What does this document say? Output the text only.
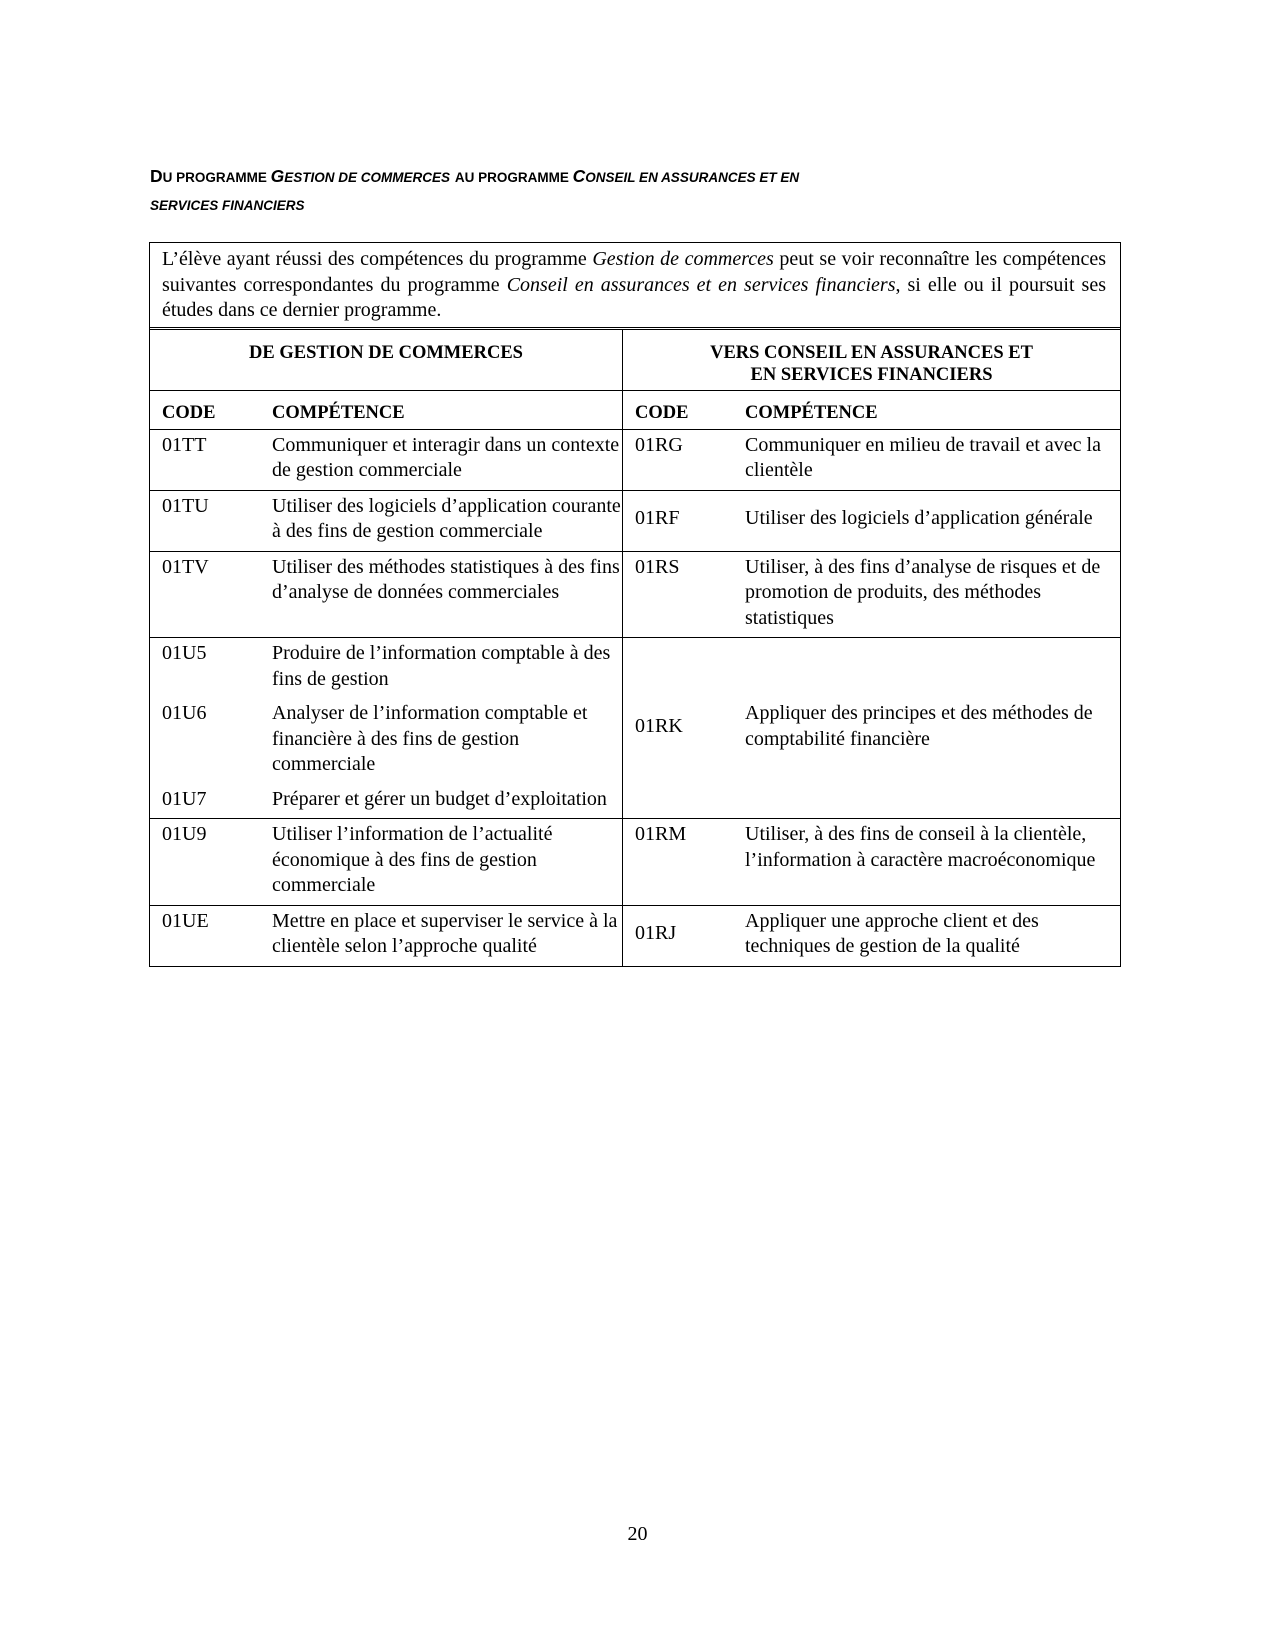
DU PROGRAMME GESTION DE COMMERCES AU PROGRAMME CONSEIL EN ASSURANCES ET EN
SERVICES FINANCIERS
L’élève ayant réussi des compétences du programme Gestion de commerces peut se voir reconnaître les compétences suivantes correspondantes du programme Conseil en assurances et en services financiers, si elle ou il poursuit ses études dans ce dernier programme.
DE GESTION DE COMMERCES		VERS CONSEIL EN ASSURANCES ET
EN SERVICES FINANCIERS	
CODE	COMPÉTENCE	CODE	COMPÉTENCE
01TT	Communiquer et interagir dans un contexte de gestion commerciale	01RG	Communiquer en milieu de travail et avec la clientèle
01TU	Utiliser des logiciels d’application courante à des fins de gestion commerciale	01RF	Utiliser des logiciels d’application générale
01TV	Utiliser des méthodes statistiques à des fins d’analyse de données commerciales	01RS	Utiliser, à des fins d’analyse de risques et de promotion de produits, des méthodes statistiques
01U5	Produire de l’information comptable à des fins de gestion	01RK	Appliquer des principes et des méthodes de comptabilité financière
01U6	Analyser de l’information comptable et financière à des fins de gestion commerciale		
01U7	Préparer et gérer un budget d’exploitation		
01U9	Utiliser l’information de l’actualité économique à des fins de gestion commerciale	01RM	Utiliser, à des fins de conseil à la clientèle, l’information à caractère macroéconomique
01UE	Mettre en place et superviser le service à la clientèle selon l’approche qualité	01RJ	Appliquer une approche client et des techniques de gestion de la qualité
20
